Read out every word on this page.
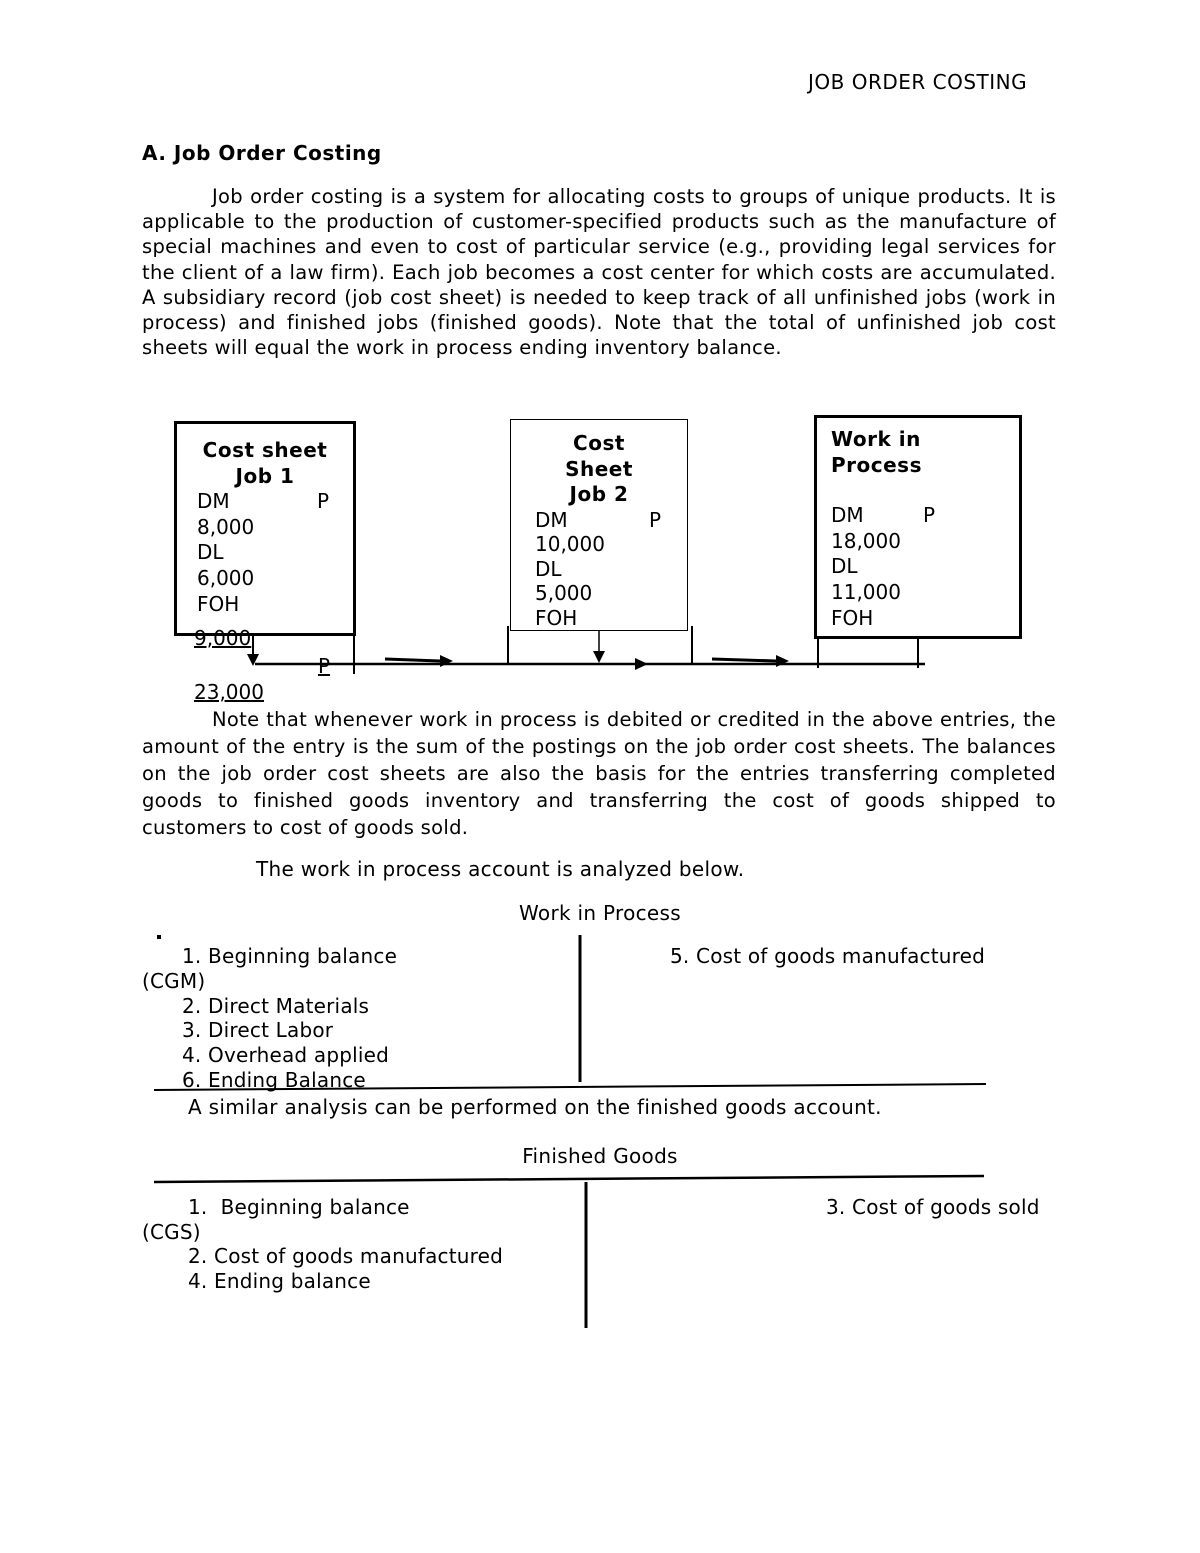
JOB ORDER COSTING
A. Job Order Costing
Job order costing is a system for allocating costs to groups of unique products. It is applicable to the production of customer-specified products such as the manufacture of special machines and even to cost of particular service (e.g., providing legal services for the client of a law firm). Each job becomes a cost center for which costs are accumulated. A subsidiary record (job cost sheet) is needed to keep track of all unfinished jobs (work in process) and finished jobs (finished goods). Note that the total of unfinished job cost sheets will equal the work in process ending inventory balance.
Cost sheet
Job 1
DM	P
8,000
DL
6,000
FOH
9,000
P
23,000
Cost
Sheet
Job 2
DM	P
10,000
DL
5,000
FOH
Work in
Process
DM	P
18,000
DL
11,000
FOH
Note that whenever work in process is debited or credited in the above entries, the amount of the entry is the sum of the postings on the job order cost sheets. The balances on the job order cost sheets are also the basis for the entries transferring completed goods to finished goods inventory and transferring the cost of goods shipped to customers to cost of goods sold.
The work in process account is analyzed below.
Work in Process
1. Beginning balance
(CGM)
2. Direct Materials
3. Direct Labor
4. Overhead applied
6. Ending Balance
5. Cost of goods manufactured
A similar analysis can be performed on the finished goods account.
Finished Goods
1.  Beginning balance
(CGS)
2. Cost of goods manufactured
4. Ending balance
3. Cost of goods sold
